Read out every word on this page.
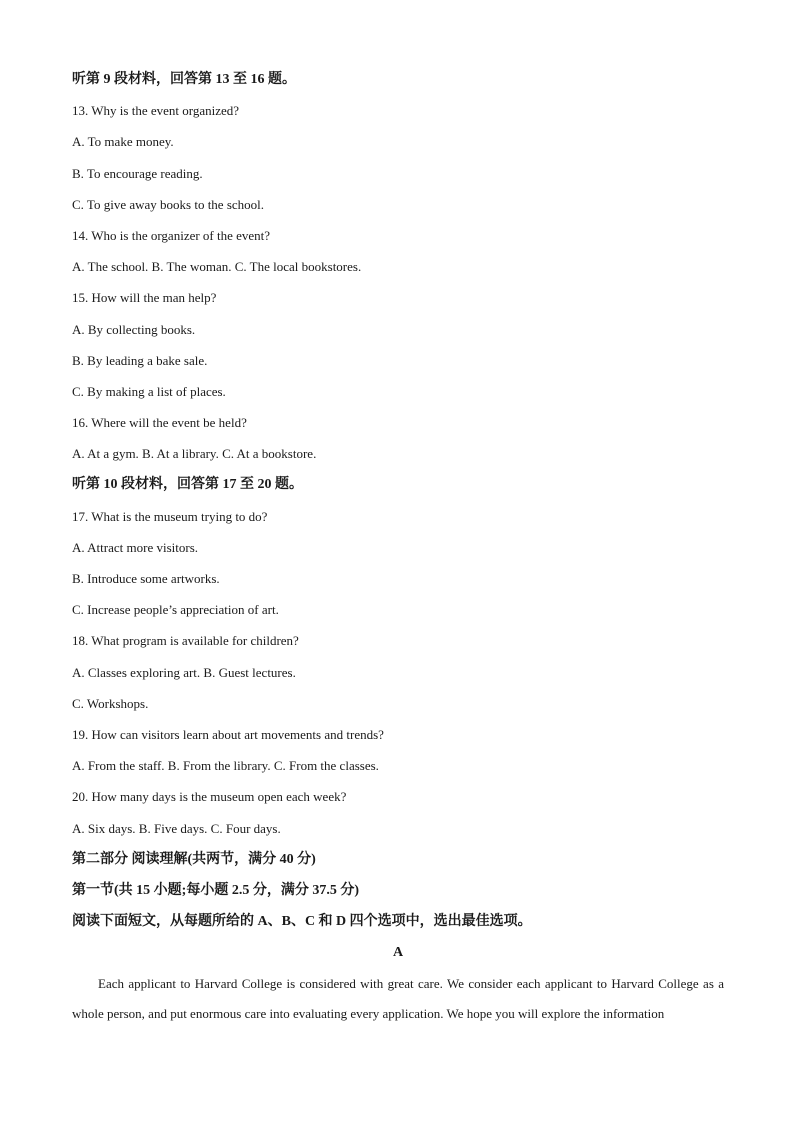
听第 9 段材料，回答第 13 至 16 题。
13. Why is the event organized?
A. To make money.
B. To encourage reading.
C. To give away books to the school.
14. Who is the organizer of the event?
A. The school. B. The woman. C. The local bookstores.
15. How will the man help?
A. By collecting books.
B. By leading a bake sale.
C. By making a list of places.
16. Where will the event be held?
A. At a gym. B. At a library. C. At a bookstore.
听第 10 段材料，回答第 17 至 20 题。
17. What is the museum trying to do?
A. Attract more visitors.
B. Introduce some artworks.
C. Increase people’s appreciation of art.
18. What program is available for children?
A. Classes exploring art. B. Guest lectures.
C. Workshops.
19. How can visitors learn about art movements and trends?
A. From the staff. B. From the library. C. From the classes.
20. How many days is the museum open each week?
A. Six days. B. Five days. C. Four days.
第二部分 阅读理解(共两节，满分 40 分)
第一节(共 15 小题;每小题 2.5 分，满分 37.5 分)
阅读下面短文，从每题所给的 A、B、C 和 D 四个选项中，选出最佳选项。
A
Each applicant to Harvard College is considered with great care. We consider each applicant to Harvard College as a whole person, and put enormous care into evaluating every application. We hope you will explore the information
